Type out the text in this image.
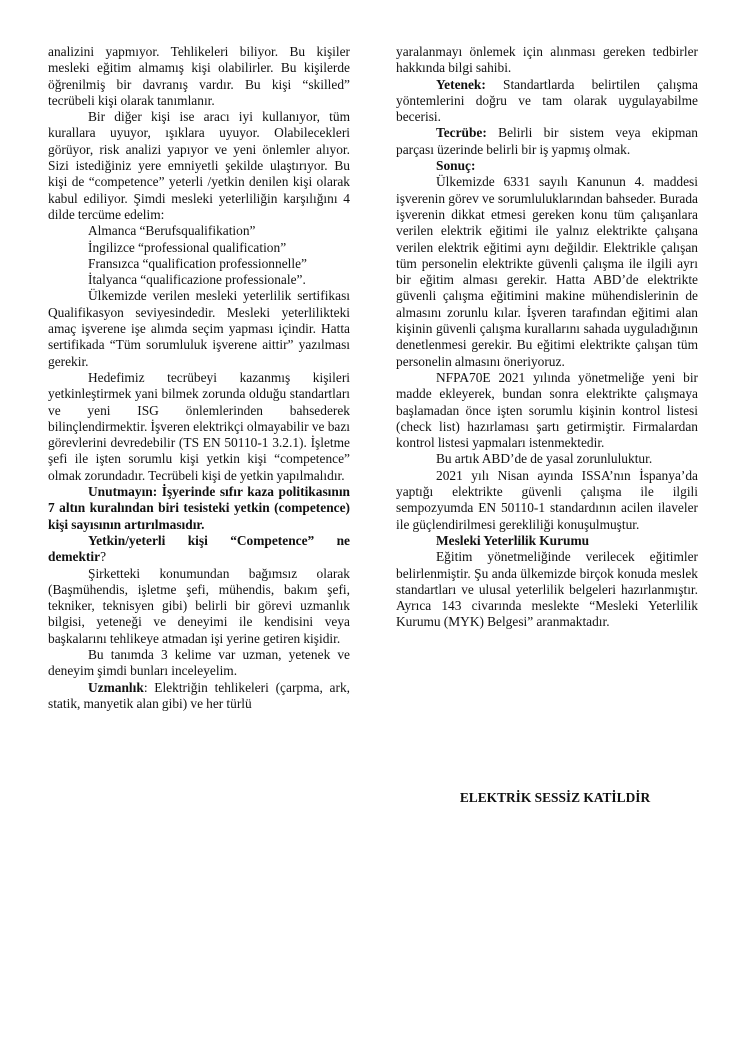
analizini yapmıyor. Tehlikeleri biliyor. Bu kişiler mesleki eğitim almamış kişi olabilirler. Bu kişilerde öğrenilmiş bir davranış vardır. Bu kişi “skilled” tecrübeli kişi olarak tanımlanır.

Bir diğer kişi ise aracı iyi kullanıyor, tüm kurallara uyuyor, ışıklara uyuyor. Olabilecekleri görüyor, risk analizi yapıyor ve yeni önlemler alıyor. Sizi istediğiniz yere emniyetli şekilde ulaştırıyor. Bu kişi de “competence” yeterli /yetkin denilen kişi olarak kabul ediliyor. Şimdi mesleki yeterliliğin karşılığını 4 dilde tercüme edelim:

Almanca “Berufsqualifikation”

İngilizce “professional qualification”

Fransızca “qualification professionnelle”

İtalyanca “qualificazione professionale”.

Ülkemizde verilen mesleki yeterlilik sertifikası Qualifikasyon seviyesindedir. Mesleki yeterlilikteki amaç işverene işe alımda seçim yapması içindir. Hatta sertifikada “Tüm sorumluluk işverene aittir” yazılması gerekir.

Hedefimiz tecrübeyi kazanmış kişileri yetkinleştirmek yani bilmek zorunda olduğu standartları ve yeni ISG önlemlerinden bahsederek bilinçlendirmektir. İşveren elektrikçi olmayabilir ve bazı görevlerini devredebilir (TS EN 50110-1 3.2.1). İşletme şefi ile işten sorumlu kişi yetkin kişi “competence” olmak zorundadır. Tecrübeli kişi de yetkin yapılmalıdır.

Unutmayın: İşyerinde sıfır kaza politikasının 7 altın kuralından biri tesisteki yetkin (competence) kişi sayısının artırılmasıdır.

Yetkin/yeterli kişi “Competence” ne demektir?

Şirketteki konumundan bağımsız olarak (Başmühendis, işletme şefi, mühendis, bakım şefi, tekniker, teknisyen gibi) belirli bir görevi uzmanlık bilgisi, yeteneği ve deneyimi ile kendisini veya başkalarını tehlikeye atmadan işi yerine getiren kişidir.

Bu tanımda 3 kelime var uzman, yetenek ve deneyim şimdi bunları inceleyelim.

Uzmanlık: Elektriğin tehlikeleri (çarpma, ark, statik, manyetik alan gibi) ve her türlü

yaralanmayı önlemek için alınması gereken tedbirler hakkında bilgi sahibi.

Yetenek: Standartlarda belirtilen çalışma yöntemlerini doğru ve tam olarak uygulayabilme becerisi.

Tecrübe: Belirli bir sistem veya ekipman parçası üzerinde belirli bir iş yapmış olmak.

Sonuç:

Ülkemizde 6331 sayılı Kanunun 4. maddesi işverenin görev ve sorumluluklarından bahseder. Burada işverenin dikkat etmesi gereken konu tüm çalışanlara verilen elektrik eğitimi ile yalnız elektrikte çalışana verilen elektrik eğitimi aynı değildir. Elektrikle çalışan tüm personelin elektrikte güvenli çalışma ile ilgili ayrı bir eğitim alması gerekir. Hatta ABD’de elektrikte güvenli çalışma eğitimini makine mühendislerinin de almasını zorunlu kılar. İşveren tarafından eğitimi alan kişinin güvenli çalışma kurallarını sahada uyguladığının denetlenmesi gerekir. Bu eğitimi elektrikte çalışan tüm personelin almasını öneriyoruz.

NFPA70E 2021 yılında yönetmeliğe yeni bir madde ekleyerek, bundan sonra elektrikte çalışmaya başlamadan önce işten sorumlu kişinin kontrol listesi (check list) hazırlaması şartı getirmiştir. Firmalardan kontrol listesi yapmaları istenmektedir.

Bu artık ABD’de de yasal zorunluluktur.

2021 yılı Nisan ayında ISSA’nın İspanya’da yaptığı elektrikte güvenli çalışma ile ilgili sempozyumda EN 50110-1 standardının acilen ilaveler ile güçlendirilmesi gerekliliği konuşulmuştur.

Mesleki Yeterlilik Kurumu

Eğitim yönetmeliğinde verilecek eğitimler belirlenmiştir. Şu anda ülkemizde birçok konuda meslek standartları ve ulusal yeterlilik belgeleri hazırlanmıştır. Ayrıca 143 civarında meslekte “Mesleki Yeterlilik Kurumu (MYK) Belgesi” aranmaktadır.

ELEKTRİK SESSİZ KATİLDİR
